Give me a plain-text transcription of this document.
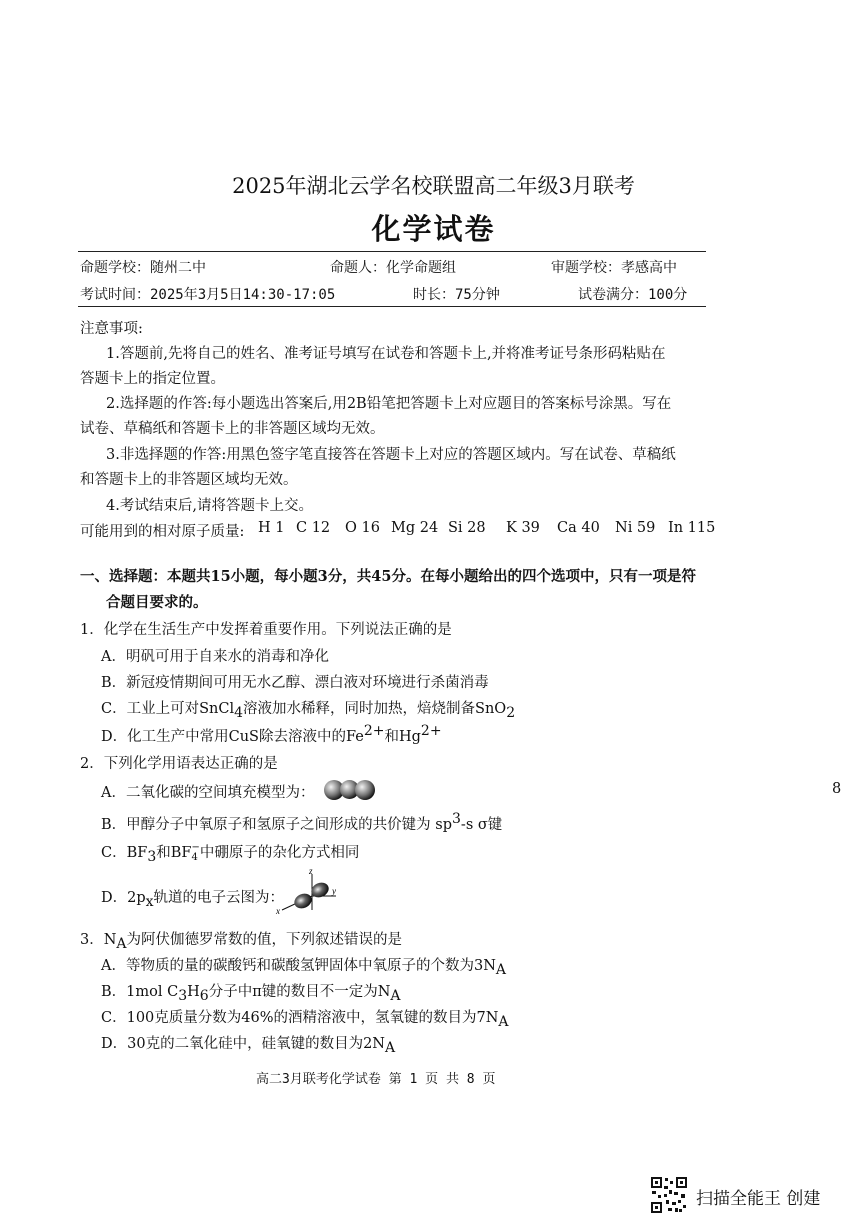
2025年湖北云学名校联盟高二年级3月联考
化学试卷
命题学校：随州二中	命题人：化学命题组	审题学校：孝感高中
考试时间：2025年3月5日14:30-17:05	时长：75分钟	试卷满分：100分
注意事项:
1.答题前,先将自己的姓名、准考证号填写在试卷和答题卡上,并将准考证号条形码粘贴在
答题卡上的指定位置。
2.选择题的作答:每小题选出答案后,用2B铅笔把答题卡上对应题目的答案标号涂黑。写在
试卷、草稿纸和答题卡上的非答题区域均无效。
3.非选择题的作答:用黑色签字笔直接答在答题卡上对应的答题区域内。写在试卷、草稿纸
和答题卡上的非答题区域均无效。
4.考试结束后,请将答题卡上交。
可能用到的相对原子质量: H 1 C 12 O 16 Mg 24 Si 28 K 39 Ca 40 Ni 59 In 115
一、选择题：本题共15小题，每小题3分，共45分。在每小题给出的四个选项中，只有一项是符
合题目要求的。
1．化学在生活生产中发挥着重要作用。下列说法正确的是
A．明矾可用于自来水的消毒和净化
B．新冠疫情期间可用无水乙醇、漂白液对环境进行杀菌消毒
C．工业上可对SnCl$_4$溶液加水稀释，同时加热，焙烧制备SnO$_2$
D．化工生产中常用CuS除去溶液中的$Fe^{2+}$和$Hg^{2+}$
2．下列化学用语表达正确的是
A．二氧化碳的空间填充模型为：
B．甲醇分子中氧原子和氢原子之间形成的共价键为 $sp^3-s$ σ键
C．$BF_3$和BF −
4 中硼原子的杂化方式相同
D．$2p_x$轨道的电子云图为：
z
y
x
3．$N_A$为阿伏伽德罗常数的值，下列叙述错误的是
A．等物质的量的碳酸钙和碳酸氢钾固体中氧原子的个数为$3N_A$
B．1mol $C_3H_6$分子中π键的数目不一定为$N_A$
C．100克质量分数为46%的酒精溶液中，氢氧键的数目为$7N_A$
D．30克的二氧化硅中，硅氧键的数目为$2N_A$
8
高二3月联考化学试卷 第 1 页 共 8 页
扫描全能王 创建
